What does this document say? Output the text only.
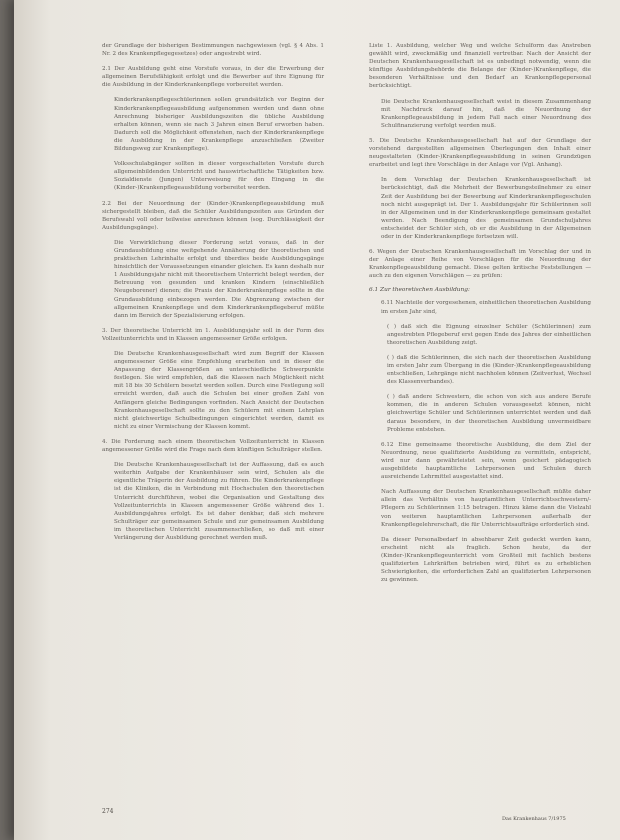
der Grundlage der bisherigen Bestimmungen nachgewiesen (vgl. § 4 Abs. 1 Nr. 2 des Krankenpflegegesetzes) oder angestrebt wird.

2.1 Der Ausbildung geht eine Vorstufe voraus, in der die Erwerbung der allgemeinen Berufsfähigkeit erfolgt und die Bewerber auf ihre Eignung für die Ausbildung in der Kinderkrankenpflege vorbereitet werden.

Kinderkrankenpflegeschülerinnen sollen grundsätzlich vor Beginn der Kinderkrankenpflegeausbildung aufgenommen werden und dann ohne Anrechnung bisheriger Ausbildungszeiten die übliche Ausbildung erhalten können, wenn sie nach 3 Jahren einen Beruf erworben haben. Dadurch soll die Möglichkeit offenstehen, nach der Kinderkrankenpflege die Ausbildung in der Krankenpflege anzuschließen (Zweiter Bildungsweg zur Krankenpflege).

Volksschulabgänger sollten in dieser vorgeschalteten Vorstufe durch allgemeinbildenden Unterricht und hauswirtschaftliche Tätigkeiten bzw. Sozialdienste (Jungen) Unterweisung für den Eingang in die (Kinder-)Krankenpflegeausbildung vorbereitet werden.

2.2 Bei der Neuordnung der (Kinder-)Krankenpflegeausbildung muß sichergestellt bleiben, daß die Schüler Ausbildungszeiten aus Gründen der Berufswahl voll oder teilweise anrechnen können (sog. Durchlässigkeit der Ausbildungsgänge).

Die Verwirklichung dieser Forderung setzt voraus, daß in der Grundausbildung eine weitgehende Annäherung der theoretischen und praktischen Lehrinhalte erfolgt und überdies beide Ausbildungsgänge hinsichtlich der Voraussetzungen einander gleichen. Es kann deshalb nur 1 Ausbildungsjahr nicht mit theoretischem Unterricht belegt werden, der Betreuung von gesunden und kranken Kindern (einschließlich Neugeborener) dienen; die Praxis der Kinderkrankenpflege sollte in die Grundausbildung einbezogen werden. Die Abgrenzung zwischen der allgemeinen Krankenpflege und dem Kinderkrankenpflegeberuf müßte dann im Bereich der Spezialisierung erfolgen.

3. Der theoretische Unterricht im 1. Ausbildungsjahr soll in der Form des Vollzeitunterrichts und in Klassen angemessener Größe erfolgen.

Die Deutsche Krankenhausgesellschaft wird zum Begriff der Klassen angemessener Größe eine Empfehlung erarbeiten und in dieser die Anpassung der Klassengrößen an unterschiedliche Schwerpunkte festlegen. Sie wird empfehlen, daß die Klassen nach Möglichkeit nicht mit 18 bis 30 Schülern besetzt werden sollen. Durch eine Festlegung soll erreicht werden, daß auch die Schulen bei einer großen Zahl von Anfängern gleiche Bedingungen vorfinden. Nach Ansicht der Deutschen Krankenhausgesellschaft sollte zu den Schülern mit einem Lehrplan nicht gleichwertige Schulbedingungen eingerichtet werden, damit es nicht zu einer Vermischung der Klassen kommt.

4. Die Forderung nach einem theoretischen Vollzeitunterricht in Klassen angemessener Größe wird die Frage nach dem künftigen Schulträger stellen.

Die Deutsche Krankenhausgesellschaft ist der Auffassung, daß es auch weiterhin Aufgabe der Krankenhäuser sein wird, Schulen als die eigentliche Trägerin der Ausbildung zu führen. Die Kinderkrankenpflege ist die Kliniken, die in Verbindung mit Hochschulen den theoretischen Unterricht durchführen, wobei die Organisation und Gestaltung des Vollzeitunterrichts in Klassen angemessener Größe während des 1. Ausbildungsjahres erfolgt. Es ist daher denkbar, daß sich mehrere Schulträger zur gemeinsamen Schule und zur gemeinsamen Ausbildung im theoretischen Unterricht zusammenschließen, so daß mit einer Verlängerung der Ausbildung gerechnet werden muß.

Liste 1. Ausbildung, welcher Weg und welche Schulform das Anstreben gewählt wird, zweckmäßig und finanziell vertretbar. Nach der Ansicht der Deutschen Krankenhausgesellschaft ist es unbedingt notwendig, wenn die künftige Ausbildungsbehörde die Belange der (Kinder-)Krankenpflege, die besonderen Verhältnisse und den Bedarf an Krankenpflegepersonal berücksichtigt.

Die Deutsche Krankenhausgesellschaft weist in diesem Zusammenhang mit Nachdruck darauf hin, daß die Neuordnung der Krankenpflegeausbildung in jedem Fall nach einer Neuordnung des Schulfinanzierung verfolgt werden muß.

5. Die Deutsche Krankenhausgesellschaft hat auf der Grundlage der vorstehend dargestellten allgemeinen Überlegungen den Inhalt einer neugestalteten (Kinder-)Krankenpflegeausbildung in seinen Grundzügen erarbeitet und legt ihre Vorschläge in der Anlage vor (Vgl. Anhang).

In dem Vorschlag der Deutschen Krankenhausgesellschaft ist berücksichtigt, daß die Mehrheit der Bewerbungsteilnehmer zu einer Zeit der Ausbildung bei der Bewerbung auf Kinderkrankenpflegeschulen noch nicht ausgeprägt ist. Der 1. Ausbildungsjahr für Schülerinnen soll in der Allgemeinen und in der Kinderkrankenpflege gemeinsam gestaltet werden. Nach Beendigung des gemeinsamen Grundschuljahres entscheidet der Schüler sich, ob er die Ausbildung in der Allgemeinen oder in der Kinderkrankenpflege fortsetzen will.

6. Wegen der Deutschen Krankenhausgesellschaft im Vorschlag der und in der Anlage einer Reihe von Vorschlägen für die Neuordnung der Krankenpflegeausbildung gemacht. Diese gelten kritische Feststellungen — auch zu den eigenen Vorschlägen — zu prüfen:

6.1 Zur theoretischen Ausbildung:

6.11 Nachteile der vorgesehenen, einheitlichen theoretischen Ausbildung im ersten Jahr sind,

( ) daß sich die Eignung einzelner Schüler (Schülerinnen) zum angestrebten Pflegeberuf erst gegen Ende des Jahres der einheitlichen theoretischen Ausbildung zeigt.

( ) daß die Schülerinnen, die sich nach der theoretischen Ausbildung im ersten Jahr zum Übergang in die (Kinder-)Krankenpflegeausbildung entschließen, Lehrgänge nicht nachholen können (Zeitverlust, Wechsel des Klassenverbandes).

( ) daß andere Schwestern, die schon von sich aus andere Berufe kommen, die in anderen Schulen vorausgesetzt können, nicht gleichwertige Schüler und Schülerinnen unterrichtet werden und daß daraus besondere, in der theoretischen Ausbildung unvermeidbare Probleme entstehen.

6.12 Eine gemeinsame theoretische Ausbildung, die dem Ziel der Neuordnung, neue qualifizierte Ausbildung zu vermitteln, entspricht, wird nur dann gewährleistet sein, wenn gesichert pädagogisch ausgebildete hauptamtliche Lehrpersonen und Schulen durch ausreichende Lehrmittel ausgestattet sind.

Nach Auffassung der Deutschen Krankenhausgesellschaft müßte daher allein das Verhältnis von hauptamtlichen Unterrichtsschwestern/-Pflegern zu Schülerinnen 1:15 betragen. Hinzu käme dann die Vielzahl von weiteren hauptamtlichen Lehrpersonen außerhalb der Krankenpflegelehrerschaft, die für Unterrichtsaufträge erforderlich sind.

Da dieser Personalbedarf in absehbarer Zeit gedeckt werden kann, erscheint nicht als fraglich. Schon heute, da der (Kinder-)Krankenpflegeunterricht vom Großteil mit fachlich bestens qualifizierten Lehrkräften betrieben wird, führt es zu erheblichen Schwierigkeiten, die erforderlichen Zahl an qualifizierten Lehrpersonen zu gewinnen.

274
Das Krankenhaus 7/1975
